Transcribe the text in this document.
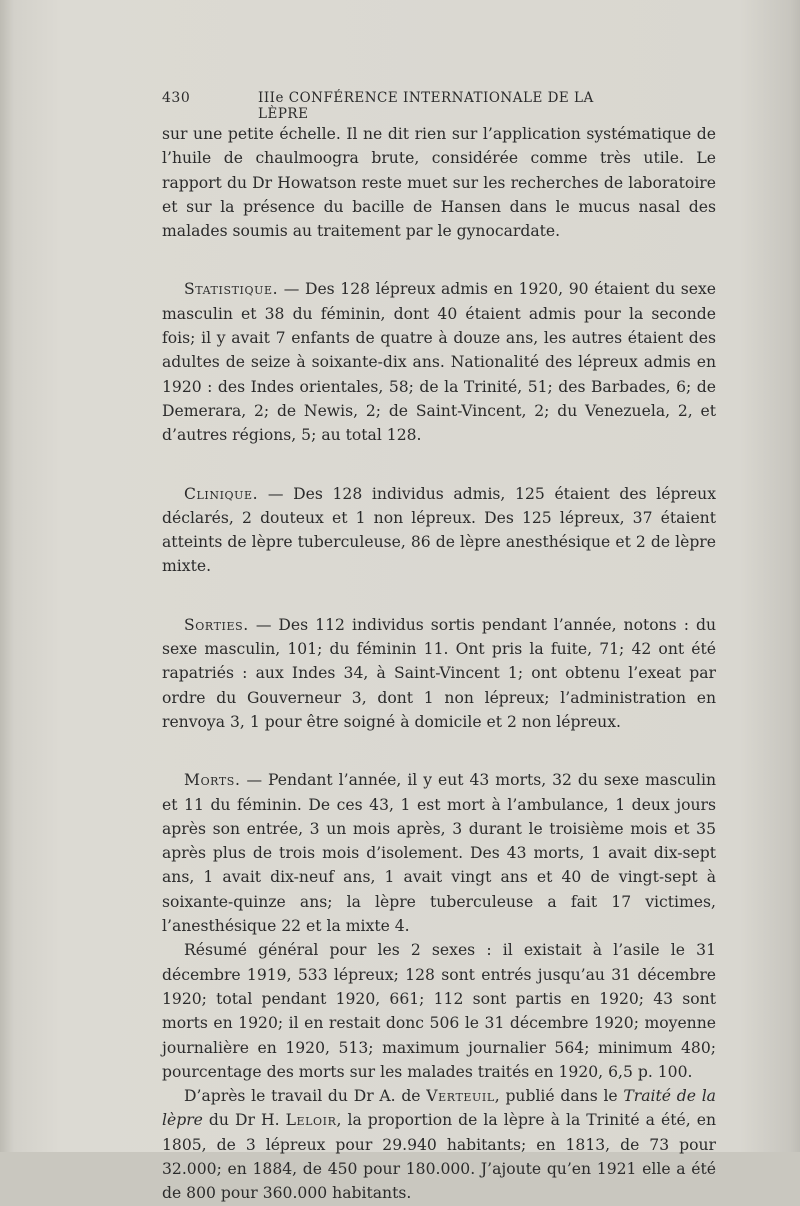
430	IIIe CONFÉRENCE INTERNATIONALE DE LA LÈPRE

sur une petite échelle. Il ne dit rien sur l’application systématique de l’huile de chaulmoogra brute, considérée comme très utile. Le rapport du Dr Howatson reste muet sur les recherches de laboratoire et sur la présence du bacille de Hansen dans le mucus nasal des malades soumis au traitement par le gynocardate.

Statistique. — Des 128 lépreux admis en 1920, 90 étaient du sexe masculin et 38 du féminin, dont 40 étaient admis pour la seconde fois; il y avait 7 enfants de quatre à douze ans, les autres étaient des adultes de seize à soixante-dix ans. Nationalité des lépreux admis en 1920 : des Indes orientales, 58; de la Trinité, 51; des Barbades, 6; de Demerara, 2; de Newis, 2; de Saint-Vincent, 2; du Venezuela, 2, et d’autres régions, 5; au total 128.

Clinique. — Des 128 individus admis, 125 étaient des lépreux déclarés, 2 douteux et 1 non lépreux. Des 125 lépreux, 37 étaient atteints de lèpre tuberculeuse, 86 de lèpre anesthésique et 2 de lèpre mixte.

Sorties. — Des 112 individus sortis pendant l’année, notons : du sexe masculin, 101; du féminin 11. Ont pris la fuite, 71; 42 ont été rapatriés : aux Indes 34, à Saint-Vincent 1; ont obtenu l’exeat par ordre du Gouverneur 3, dont 1 non lépreux; l’administration en renvoya 3, 1 pour être soigné à domicile et 2 non lépreux.

Morts. — Pendant l’année, il y eut 43 morts, 32 du sexe masculin et 11 du féminin. De ces 43, 1 est mort à l’ambulance, 1 deux jours après son entrée, 3 un mois après, 3 durant le troisième mois et 35 après plus de trois mois d’isolement. Des 43 morts, 1 avait dix-sept ans, 1 avait dix-neuf ans, 1 avait vingt ans et 40 de vingt-sept à soixante-quinze ans; la lèpre tuberculeuse a fait 17 victimes, l’anesthésique 22 et la mixte 4.

Résumé général pour les 2 sexes : il existait à l’asile le 31 décembre 1919, 533 lépreux; 128 sont entrés jusqu’au 31 décembre 1920; total pendant 1920, 661; 112 sont partis en 1920; 43 sont morts en 1920; il en restait donc 506 le 31 décembre 1920; moyenne journalière en 1920, 513; maximum journalier 564; minimum 480; pourcentage des morts sur les malades traités en 1920, 6,5 p. 100.

D’après le travail du Dr A. de Verteuil, publié dans le Traité de la lèpre du Dr H. Leloir, la proportion de la lèpre à la Trinité a été, en 1805, de 3 lépreux pour 29.940 habitants; en 1813, de 73 pour 32.000; en 1884, de 450 pour 180.000. J’ajoute qu’en 1921 elle a été de 800 pour 360.000 habitants.
